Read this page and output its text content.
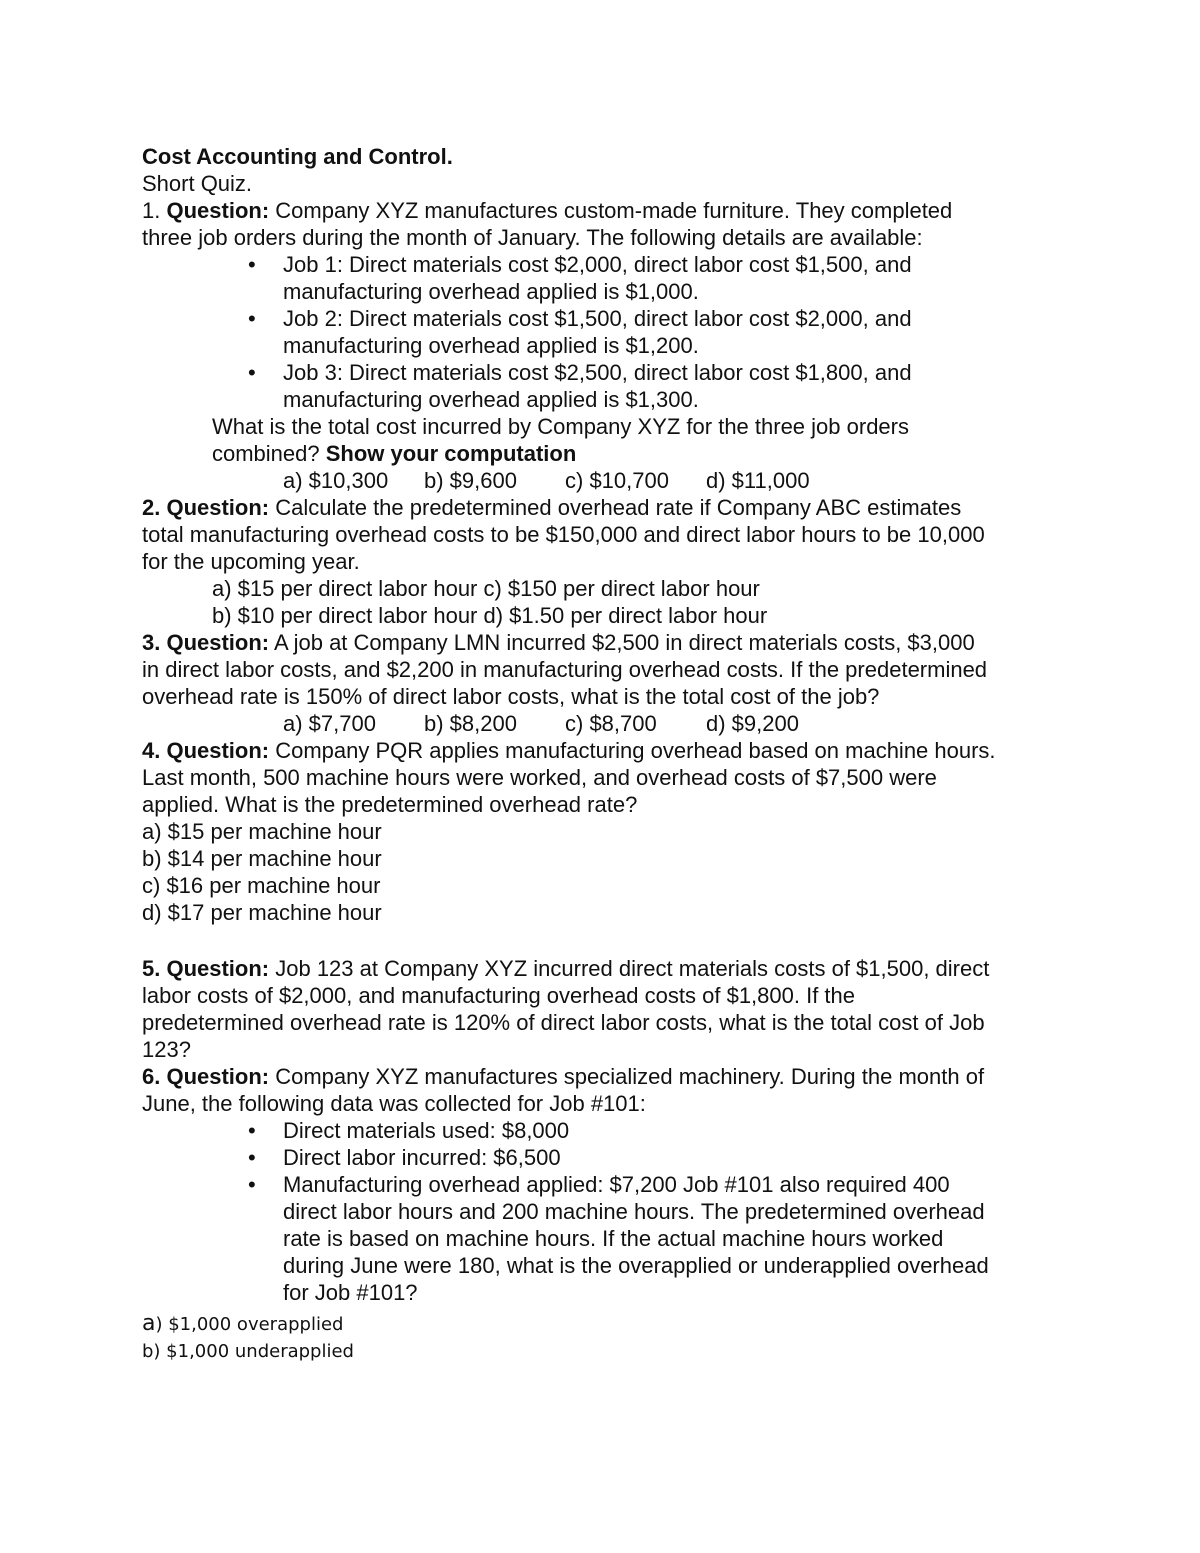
Cost Accounting and Control.
Short Quiz.
1. Question: Company XYZ manufactures custom-made furniture. They completed
three job orders during the month of January. The following details are available:
• Job 1: Direct materials cost $2,000, direct labor cost $1,500, and
manufacturing overhead applied is $1,000.
• Job 2: Direct materials cost $1,500, direct labor cost $2,000, and
manufacturing overhead applied is $1,200.
• Job 3: Direct materials cost $2,500, direct labor cost $1,800, and
manufacturing overhead applied is $1,300.
What is the total cost incurred by Company XYZ for the three job orders
combined? Show your computation
a) $10,300 b) $9,600 c) $10,700 d) $11,000
2. Question: Calculate the predetermined overhead rate if Company ABC estimates
total manufacturing overhead costs to be $150,000 and direct labor hours to be 10,000
for the upcoming year.
a) $15 per direct labor hour c) $150 per direct labor hour
b) $10 per direct labor hour d) $1.50 per direct labor hour
3. Question: A job at Company LMN incurred $2,500 in direct materials costs, $3,000
in direct labor costs, and $2,200 in manufacturing overhead costs. If the predetermined
overhead rate is 150% of direct labor costs, what is the total cost of the job?
a) $7,700 b) $8,200 c) $8,700 d) $9,200
4. Question: Company PQR applies manufacturing overhead based on machine hours.
Last month, 500 machine hours were worked, and overhead costs of $7,500 were
applied. What is the predetermined overhead rate?
a) $15 per machine hour
b) $14 per machine hour
c) $16 per machine hour
d) $17 per machine hour
5. Question: Job 123 at Company XYZ incurred direct materials costs of $1,500, direct
labor costs of $2,000, and manufacturing overhead costs of $1,800. If the
predetermined overhead rate is 120% of direct labor costs, what is the total cost of Job
123?
6. Question: Company XYZ manufactures specialized machinery. During the month of
June, the following data was collected for Job #101:
• Direct materials used: $8,000
• Direct labor incurred: $6,500
• Manufacturing overhead applied: $7,200 Job #101 also required 400
direct labor hours and 200 machine hours. The predetermined overhead
rate is based on machine hours. If the actual machine hours worked
during June were 180, what is the overapplied or underapplied overhead
for Job #101?
a) $1,000 overapplied
b) $1,000 underapplied
